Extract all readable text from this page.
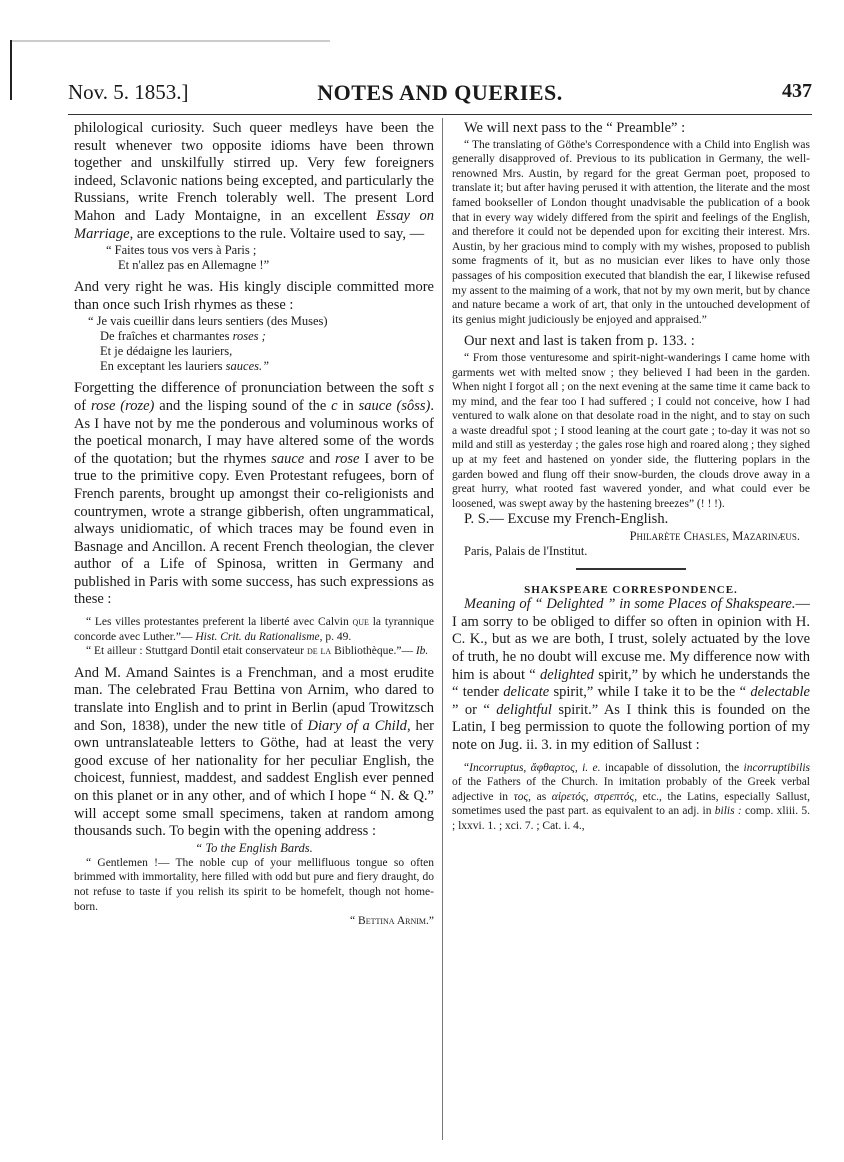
Nov. 5. 1853.]	NOTES AND QUERIES.	437

philological curiosity. Such queer medleys have been the result whenever two opposite idioms have been thrown together and unskilfully stirred up. Very few foreigners indeed, Sclavonic nations being excepted, and particularly the Russians, write French tolerably well. The present Lord Mahon and Lady Montaigne, in an excellent Essay on Marriage, are exceptions to the rule. Voltaire used to say, —

“ Faites tous vos vers à Paris ;

Et n'allez pas en Allemagne !”

And very right he was. His kingly disciple committed more than once such Irish rhymes as these :

“ Je vais cueillir dans leurs sentiers (des Muses)

De fraîches et charmantes roses ;

Et je dédaigne les lauriers,

En exceptant les lauriers sauces.”

Forgetting the difference of pronunciation between the soft s of rose (roze) and the lisping sound of the c in sauce (sôss). As I have not by me the ponderous and voluminous works of the poetical monarch, I may have altered some of the words of the quotation; but the rhymes sauce and rose I aver to be true to the primitive copy. Even Protestant refugees, born of French parents, brought up amongst their co-religionists and countrymen, wrote a strange gibberish, often ungrammatical, always unidiomatic, of which traces may be found even in Basnage and Ancillon. A recent French theologian, the clever author of a Life of Spinosa, written in Germany and published in Paris with some success, has such expressions as these :

“ Les villes protestantes preferent la liberté avec Calvin que la tyrannique concorde avec Luther.”— Hist. Crit. du Rationalisme, p. 49.

“ Et ailleur : Stuttgard Dontil etait conservateur de la Bibliothèque.”— Ib.

And M. Amand Saintes is a Frenchman, and a most erudite man. The celebrated Frau Bettina von Arnim, who dared to translate into English and to print in Berlin (apud Trowitzsch and Son, 1838), under the new title of Diary of a Child, her own untranslateable letters to Göthe, had at least the very good excuse of her nationality for her peculiar English, the choicest, funniest, maddest, and saddest English ever penned on this planet or in any other, and of which I hope “ N. & Q.” will accept some small specimens, taken at random among thousands such. To begin with the opening address :

“ To the English Bards.

“ Gentlemen !— The noble cup of your mellifluous tongue so often brimmed with immortality, here filled with odd but pure and fiery draught, do not refuse to taste if you relish its spirit to be homefelt, though not home-born.

“ Bettina Arnim.”

We will next pass to the “ Preamble” :

“ The translating of Göthe's Correspondence with a Child into English was generally disapproved of. Previous to its publication in Germany, the well-renowned Mrs. Austin, by regard for the great German poet, proposed to translate it; but after having perused it with attention, the literate and the most famed bookseller of London thought unadvisable the publication of a book that in every way widely differed from the spirit and feelings of the English, and therefore it could not be depended upon for exciting their interest. Mrs. Austin, by her gracious mind to comply with my wishes, proposed to publish some fragments of it, but as no musician ever likes to have only those passages of his composition executed that blandish the ear, I likewise refused my assent to the maiming of a work, that not by my own merit, but by chance and nature became a work of art, that only in the untouched development of its genius might judiciously be enjoyed and appraised.”

Our next and last is taken from p. 133. :

“ From those venturesome and spirit-night-wanderings I came home with garments wet with melted snow ; they believed I had been in the garden. When night I forgot all ; on the next evening at the same time it came back to my mind, and the fear too I had suffered ; I could not conceive, how I had ventured to walk alone on that desolate road in the night, and to stay on such a waste dreadful spot ; I stood leaning at the court gate ; to-day it was not so mild and still as yesterday ; the gales rose high and roared along ; they sighed up at my feet and hastened on yonder side, the fluttering poplars in the garden bowed and flung off their snow-burden, the clouds drove away in a great hurry, what rooted fast wavered yonder, and what could ever be loosened, was swept away by the hastening breezes” (! ! !).

P. S.— Excuse my French-English.

Philarète Chasles, Mazarinæus.

Paris, Palais de l'Institut.

SHAKSPEARE CORRESPONDENCE.

Meaning of “ Delighted ” in some Places of Shakspeare.— I am sorry to be obliged to differ so often in opinion with H. C. K., but as we are both, I trust, solely actuated by the love of truth, he no doubt will excuse me. My difference now with him is about “ delighted spirit,” by which he understands the “ tender delicate spirit,” while I take it to be the “ delectable ” or “ delightful spirit.” As I think this is founded on the Latin, I beg permission to quote the following portion of my note on Jug. ii. 3. in my edition of Sallust :

“Incorruptus, ἄφθαρτος, i. e. incapable of dissolution, the incorruptibilis of the Fathers of the Church. In imitation probably of the Greek verbal adjective in τος, as αἱρετός, στρεπτός, etc., the Latins, especially Sallust, sometimes used the past part. as equivalent to an adj. in bilis : comp. xliii. 5. ; lxxvi. 1. ; xci. 7. ; Cat. i. 4.,
